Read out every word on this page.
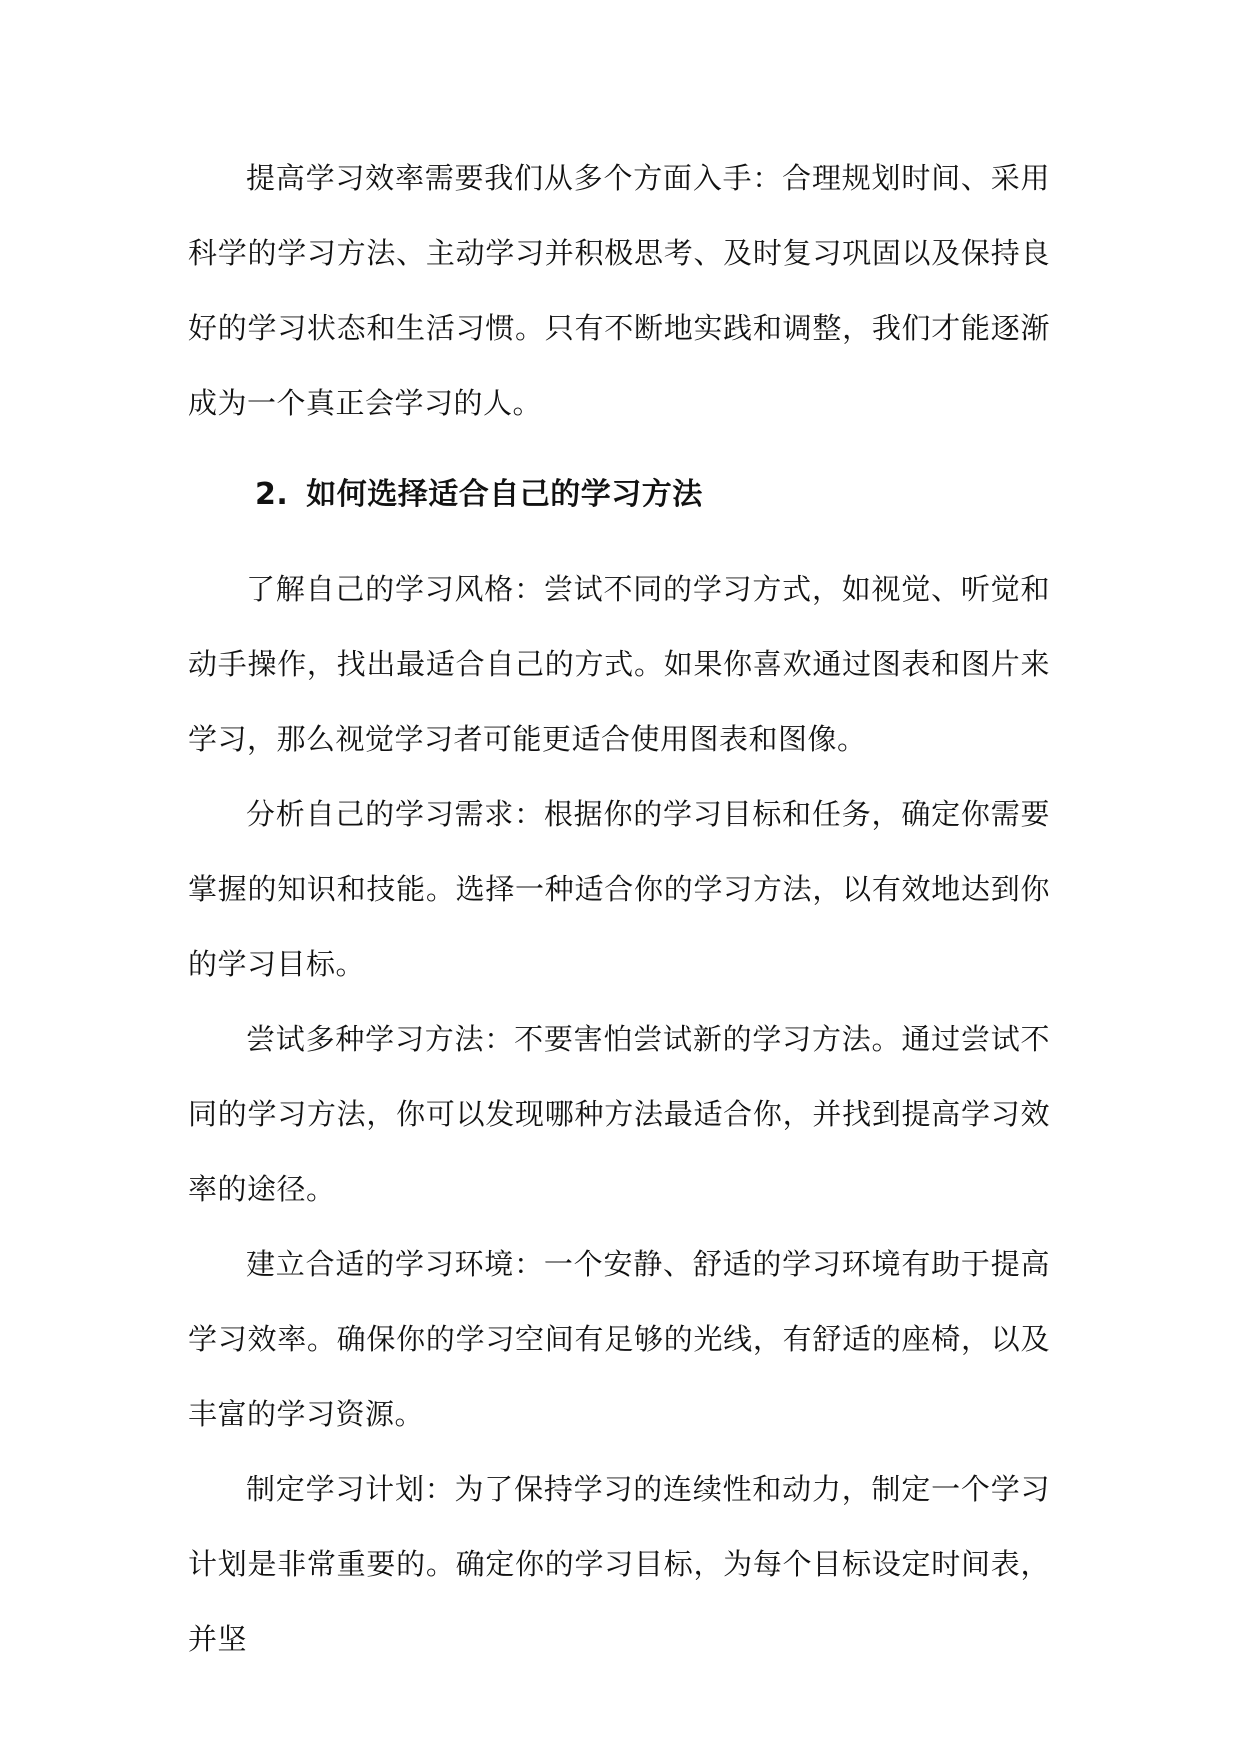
提高学习效率需要我们从多个方面入手：合理规划时间、采用科学的学习方法、主动学习并积极思考、及时复习巩固以及保持良好的学习状态和生活习惯。只有不断地实践和调整，我们才能逐渐成为一个真正会学习的人。

2. 如何选择适合自己的学习方法

了解自己的学习风格：尝试不同的学习方式，如视觉、听觉和动手操作，找出最适合自己的方式。如果你喜欢通过图表和图片来学习，那么视觉学习者可能更适合使用图表和图像。

分析自己的学习需求：根据你的学习目标和任务，确定你需要掌握的知识和技能。选择一种适合你的学习方法，以有效地达到你的学习目标。

尝试多种学习方法：不要害怕尝试新的学习方法。通过尝试不同的学习方法，你可以发现哪种方法最适合你，并找到提高学习效率的途径。

建立合适的学习环境：一个安静、舒适的学习环境有助于提高学习效率。确保你的学习空间有足够的光线，有舒适的座椅，以及丰富的学习资源。

制定学习计划：为了保持学习的连续性和动力，制定一个学习计划是非常重要的。确定你的学习目标，为每个目标设定时间表，并坚
